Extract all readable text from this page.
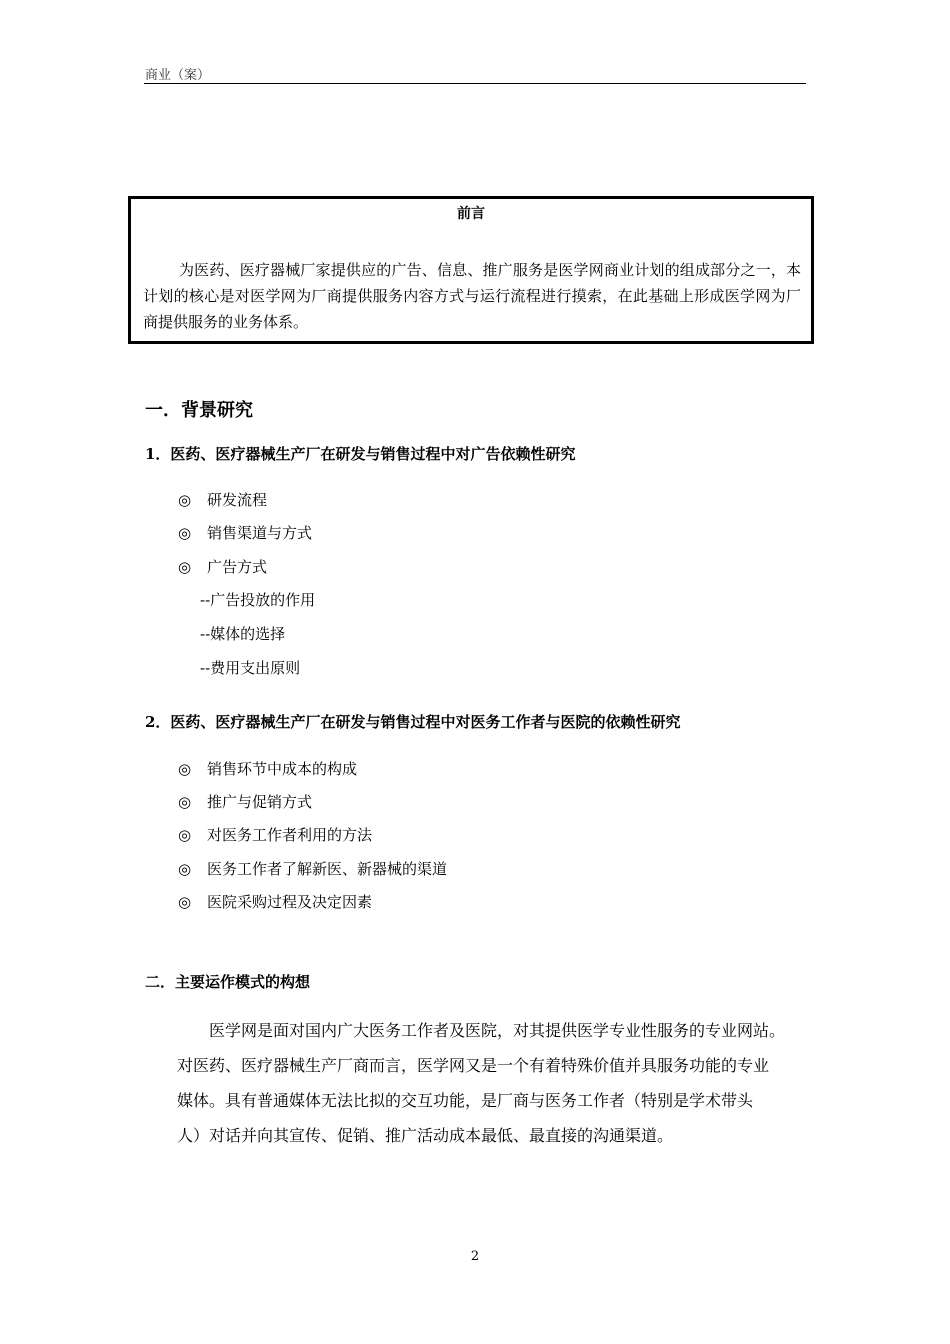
商业（案）
前言
为医药、医疗器械厂家提供应的广告、信息、推广服务是医学网商业计划的组成部分之一，本计划的核心是对医学网为厂商提供服务内容方式与运行流程进行摸索，在此基础上形成医学网为厂商提供服务的业务体系。
一．背景研究
1．医药、医疗器械生产厂在研发与销售过程中对广告依赖性研究
◎ 研发流程
◎ 销售渠道与方式
◎ 广告方式
--广告投放的作用
--媒体的选择
--费用支出原则
2．医药、医疗器械生产厂在研发与销售过程中对医务工作者与医院的依赖性研究
◎ 销售环节中成本的构成
◎ 推广与促销方式
◎ 对医务工作者利用的方法
◎ 医务工作者了解新医、新器械的渠道
◎ 医院采购过程及决定因素
二．主要运作模式的构想
医学网是面对国内广大医务工作者及医院，对其提供医学专业性服务的专业网站。
对医药、医疗器械生产厂商而言，医学网又是一个有着特殊价值并具服务功能的专业
媒体。具有普通媒体无法比拟的交互功能，是厂商与医务工作者（特别是学术带头
人）对话并向其宣传、促销、推广活动成本最低、最直接的沟通渠道。
2
